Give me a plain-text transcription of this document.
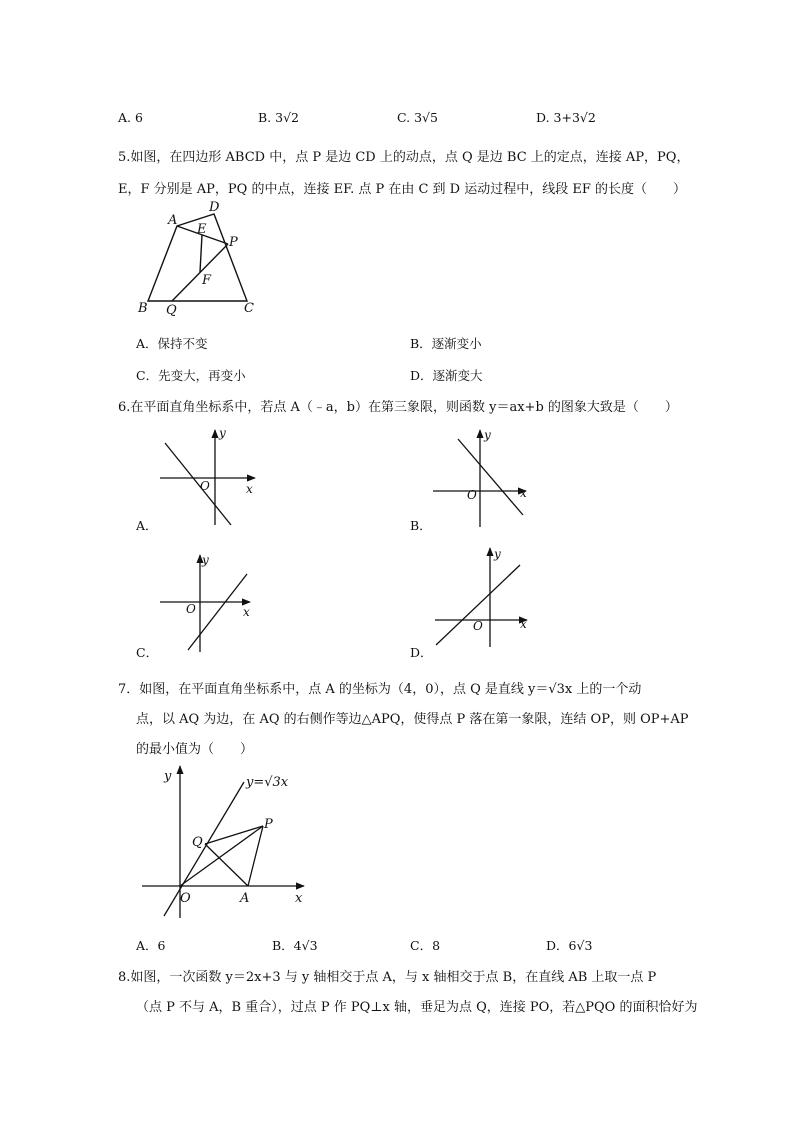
A. 6	B. 3√2	C. 3√5	D. 3+3√2
5.如图，在四边形 ABCD 中，点 P 是边 CD 上的动点，点 Q 是边 BC 上的定点，连接 AP，PQ，
E，F 分别是 AP，PQ 的中点，连接 EF. 点 P 在由 C 到 D 运动过程中，线段 EF 的长度（　　）
A
D
E
P
F
B Q	C
A．保持不变	B．逐渐变小
C．先变大，再变小	D．逐渐变大
6.在平面直角坐标系中，若点 A（﹣a，b）在第三象限，则函数 y＝ax+b 的图象大致是（　　）
y
x
O
A．
y
x
O
B．
y
x
O
C．
y
x
O
D．
7．如图，在平面直角坐标系中，点 A 的坐标为（4，0），点 Q 是直线 y＝√3x 上的一个动
点，以 AQ 为边，在 AQ 的右侧作等边△APQ，使得点 P 落在第一象限，连结 OP，则 OP+AP
的最小值为（　　）
y
x
O	A
Q
P
y=√3x
A．6	B．4√3	C．8	D．6√3
8.如图，一次函数 y＝2x+3 与 y 轴相交于点 A，与 x 轴相交于点 B，在直线 AB 上取一点 P
（点 P 不与 A，B 重合），过点 P 作 PQ⊥x 轴，垂足为点 Q，连接 PO，若△PQO 的面积恰好为
